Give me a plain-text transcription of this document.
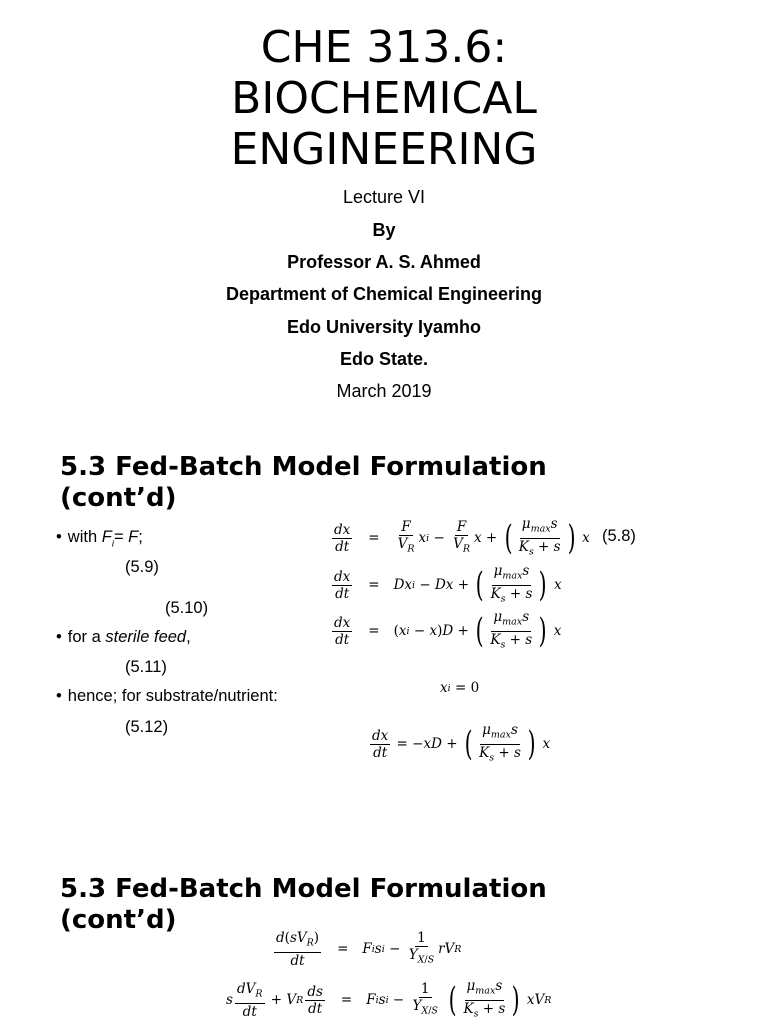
CHE 313.6:
BIOCHEMICAL
ENGINEERING
Lecture VI
By
Professor A. S. Ahmed
Department of Chemical Engineering
Edo University Iyamho
Edo State.
March 2019
5.3 Fed-Batch Model Formulation
(cont’d)
• with $F_i= F$;
(5.9)
(5.10)
• for a sterile feed,
(5.11)
• hence; for substrate/nutrient:
(5.12)
$\frac{dx}{dt} = \frac{F}{V_R}$ x $i - \frac{F}{V_R}$ x + ( $\frac{\mu_{max}s}{K_s + s}$ )
x (5.8)
$\frac{dx}{dt} = Dx$ i − Dx + ( $\frac{\mu_{max}s}{K_s + s}$ )
x
$\frac{dx}{dt}$ = ( x i − x ) D + ( $\frac{\mu_{max}s}{K_s + s}$ )
x
x i = 0
$\frac{dx}{dt}$ = − xD + ( $\frac{\mu_{max}s}{K_s + s}$ )
x
5.3 Fed-Batch Model Formulation
(cont’d)
$\frac{d(sV_R)}{dt} = F$ i s $i - \frac{1}{Y_{X/S}}$ rV R
s $\frac{dV_R}{dt} + V$ R $\frac{ds}{dt} = F$ i s $i - \frac{1}{Y_{X/S}}$
( $\frac{\mu_{max}s}{K_s + s}$ )
xV R
